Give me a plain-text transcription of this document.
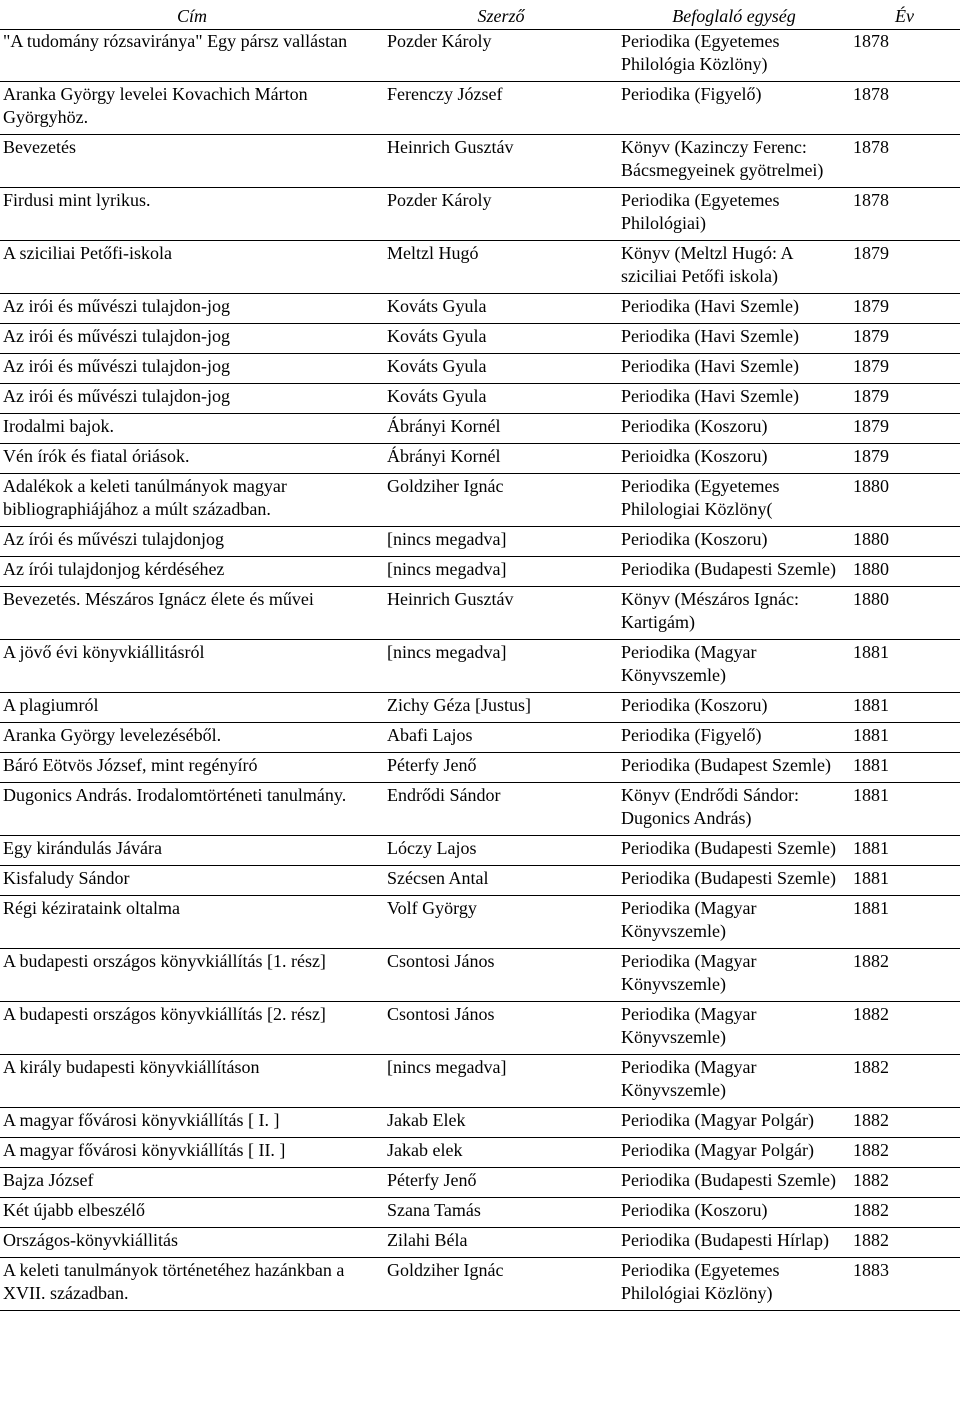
Cím	Szerző	Befoglaló egység	Év
"A tudomány rózsavirányа" Egy pársz vallástan	Pozder Károly	Periodika (Egyetemes Philológia Közlöny)	1878
Aranka György levelei Kovachich Márton Györgyhöz.	Ferenczy József	Periodika (Figyelő)	1878
Bevezetés	Heinrich Gusztáv	Könyv (Kazinczy Ferenc: Bácsmegyeinek gyötrelmei)	1878
Firdusi mint lyrikus.	Pozder Károly	Periodika (Egyetemes Philológiai)	1878
A sziciliai Petőfi-iskola	Meltzl Hugó	Könyv (Meltzl Hugó: A sziciliai Petőfi iskola)	1879
Az irói és művészi tulajdon-jog	Kováts Gyula	Periodika (Havi Szemle)	1879
Az irói és művészi tulajdon-jog	Kováts Gyula	Periodika (Havi Szemle)	1879
Az irói és művészi tulajdon-jog	Kováts Gyula	Periodika (Havi Szemle)	1879
Az irói és művészi tulajdon-jog	Kováts Gyula	Periodika (Havi Szemle)	1879
Irodalmi bajok.	Ábrányi Kornél	Periodika (Koszoru)	1879
Vén írók és fiatal óriások.	Ábrányi Kornél	Perioidka (Koszoru)	1879
Adalékok a keleti tanúlmányok magyar bibliographiájához a múlt században.	Goldziher Ignác	Periodika (Egyetemes Philologiai Közlöny(	1880
Az írói és művészi tulajdonjog	[nincs megadva]	Periodika (Koszoru)	1880
Az írói tulajdonjog kérdéséhez	[nincs megadva]	Periodika (Budapesti Szemle)	1880
Bevezetés. Mészáros Ignácz élete és művei	Heinrich Gusztáv	Könyv (Mészáros Ignác: Kartigám)	1880
A jövő évi könyvkiállitásról	[nincs megadva]	Periodika (Magyar Könyvszemle)	1881
A plagiumról	Zichy Géza [Justus]	Periodika (Koszoru)	1881
Aranka György levelezéséből.	Abafi Lajos	Periodika (Figyelő)	1881
Báró Eötvös József, mint regényíró	Péterfy Jenő	Periodika (Budapest Szemle)	1881
Dugonics András. Irodalomtörténeti tanulmány.	Endrődi Sándor	Könyv (Endrődi Sándor: Dugonics András)	1881
Egy kirándulás Jávára	Lóczy Lajos	Periodika (Budapesti Szemle)	1881
Kisfaludy Sándor	Szécsen Antal	Periodika (Budapesti Szemle)	1881
Régi kézirataink oltalma	Volf György	Periodika (Magyar Könyvszemle)	1881
A budapesti országos könyvkiállítás [1. rész]	Csontosi János	Periodika (Magyar Könyvszemle)	1882
A budapesti országos könyvkiállítás [2. rész]	Csontosi János	Periodika (Magyar Könyvszemle)	1882
A király budapesti könyvkiállításon	[nincs megadva]	Periodika (Magyar Könyvszemle)	1882
A magyar fővárosi könyvkiállítás [ I. ]	Jakab Elek	Periodika (Magyar Polgár)	1882
A magyar fővárosi könyvkiállítás [ II. ]	Jakab elek	Periodika (Magyar Polgár)	1882
Bajza József	Péterfy Jenő	Periodika (Budapesti Szemle)	1882
Két újabb elbeszélő	Szana Tamás	Periodika (Koszoru)	1882
Országos-könyvkiállitás	Zilahi Béla	Periodika (Budapesti Hírlap)	1882
A keleti tanulmányok történetéhez hazánkban a XVII. században.	Goldziher Ignác	Periodika (Egyetemes Philológiai Közlöny)	1883
